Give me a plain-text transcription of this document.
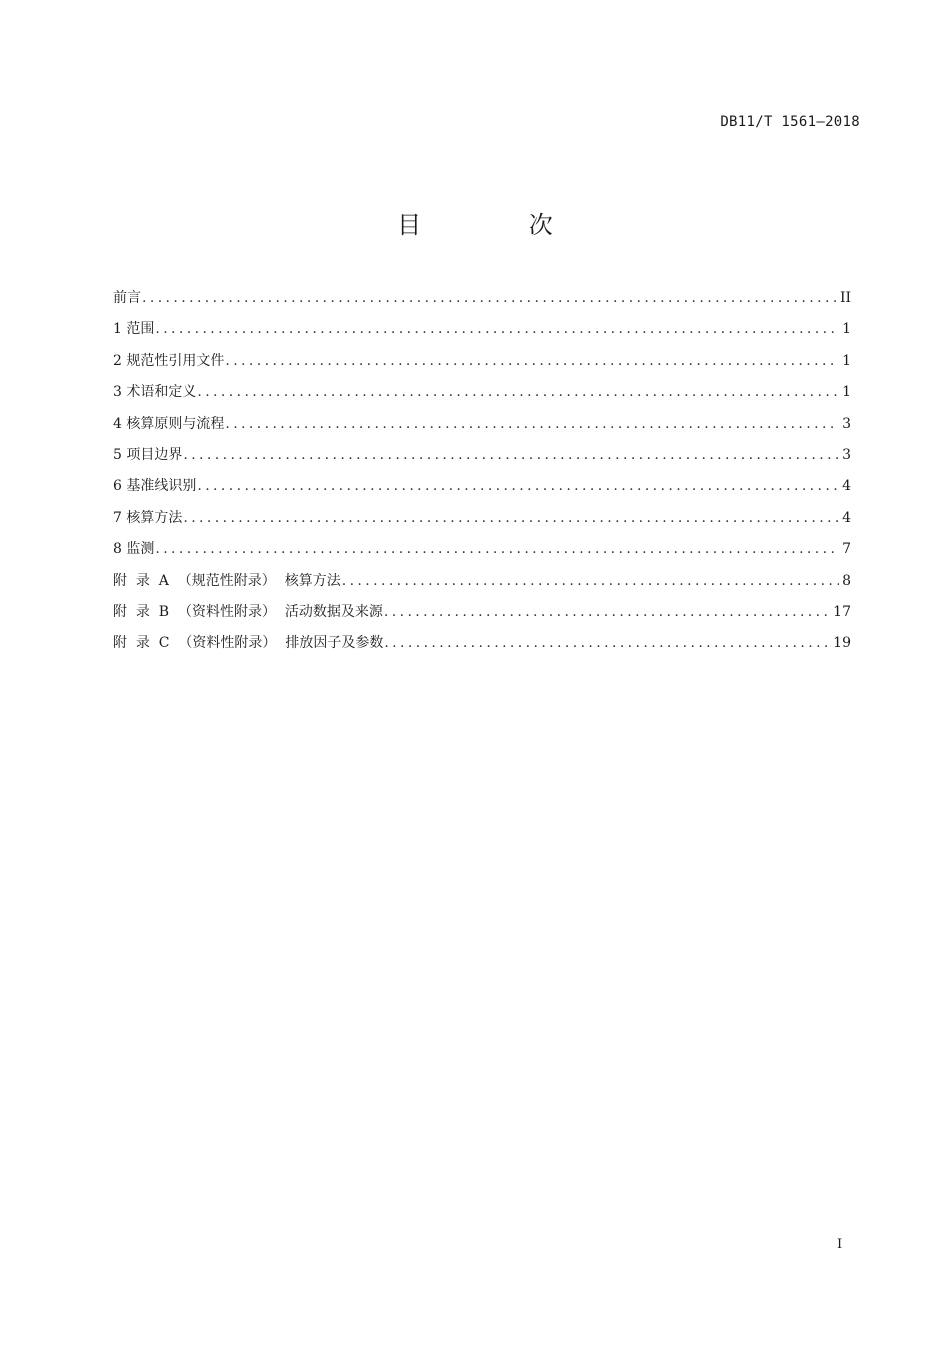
DB11/T 1561—2018
目 次
前言 .....	II
1 范围 .....	1
2 规范性引用文件 .....	1
3 术语和定义 .....	1
4 核算原则与流程 .....	3
5 项目边界 .....	3
6 基准线识别 .....	4
7 核算方法 .....	4
8 监测 .....	7
附  录  A  （规范性附录）  核算方法 .....	8
附  录  B  （资料性附录）  活动数据及来源 .....	17
附  录  C  （资料性附录）  排放因子及参数 .....	19
I
